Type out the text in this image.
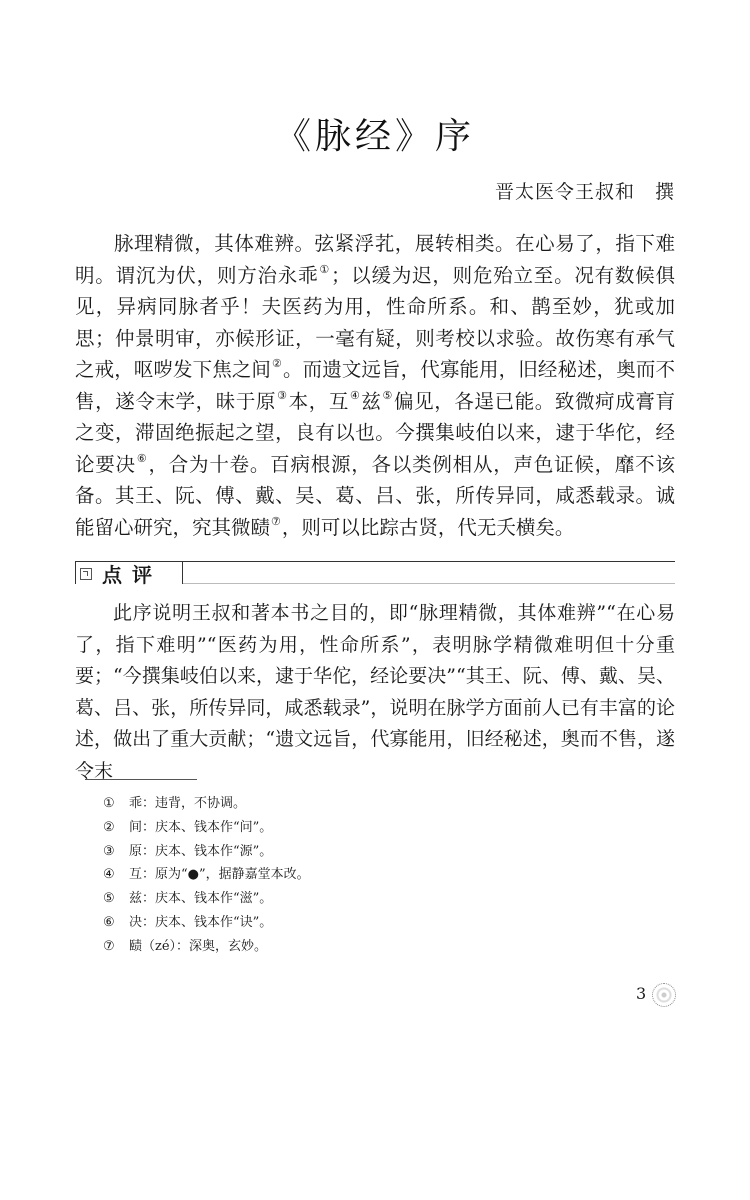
《脉经》序
晋太医令王叔和　撰

脉理精微，其体难辨。弦紧浮芤，展转相类。在心易了，指下难明。谓沉为伏，则方治永乖①；以缓为迟，则危殆立至。况有数候俱见，异病同脉者乎！夫医药为用，性命所系。和、鹊至妙，犹或加思；仲景明审，亦候形证，一毫有疑，则考校以求验。故伤寒有承气之戒，呕哕发下焦之间②。而遗文远旨，代寡能用，旧经秘述，奥而不售，遂令末学，昧于原③本，互④兹⑤偏见，各逞已能。致微疴成膏肓之变，滞固绝振起之望，良有以也。今撰集岐伯以来，逮于华佗，经论要决⑥，合为十卷。百病根源，各以类例相从，声色证候，靡不该备。其王、阮、傅、戴、吴、葛、吕、张，所传异同，咸悉载录。诚能留心研究，究其微赜⑦，则可以比踪古贤，代无夭横矣。

点评

此序说明王叔和著本书之目的，即“脉理精微，其体难辨”“在心易了，指下难明”“医药为用，性命所系”，表明脉学精微难明但十分重要；“今撰集岐伯以来，逮于华佗，经论要决”“其王、阮、傅、戴、吴、葛、吕、张，所传异同，咸悉载录”，说明在脉学方面前人已有丰富的论述，做出了重大贡献；“遗文远旨，代寡能用，旧经秘述，奥而不售，遂令末

① 乖：违背，不协调。
② 间：庆本、钱本作“问”。
③ 原：庆本、钱本作“源”。
④ 互：原为“●”，据静嘉堂本改。
⑤ 兹：庆本、钱本作“滋”。
⑥ 决：庆本、钱本作“诀”。
⑦ 赜（zé）：深奥，玄妙。
3
